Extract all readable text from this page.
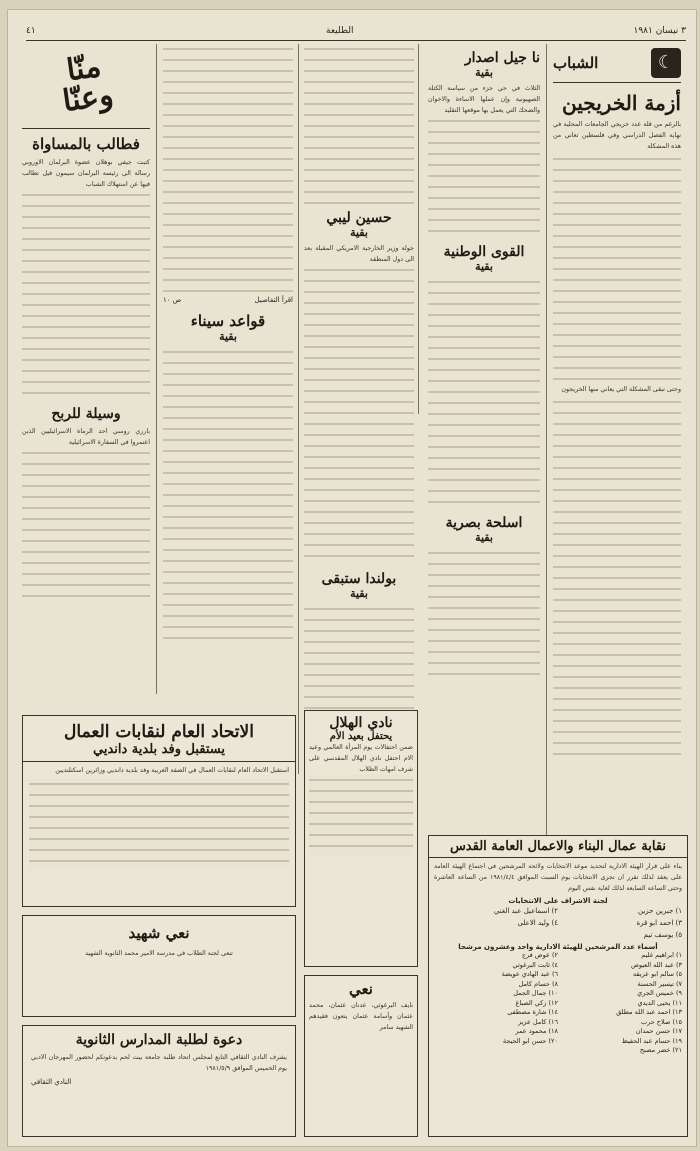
٣ نيسان ١٩٨١
الطليعة
٤١
☾
الشباب
أزمة الخريجين
بالرغم من قلة عدد خريجي الجامعات المحلية في نهاية الفصل الدراسي وفي فلسطين تعاني من هذه المشكلة
وحتى تبقى المشكلة التي يعاني منها الخريجون
نا جيل اصدار
بقية
الثلاث في حي جزء من سياسة الكتلة الصهيونية وإن عملها الاساءة والاخوان والضحك التي يعمل بها موقعها التقليد
القوى الوطنية
بقية
اسلحة بصرية
بقية
حسين ليبي
بقية
جولة وزير الخارجية الامريكي المقبلة بعد الى دول المنطقة
بولندا ستبقى
بقية
اقرأ التفاصيل
ص ١٠
قواعد سيناء
بقية
منّا
وعنّا
فطالب بالمساواة
كتبت جيفي بوهلان عضوة البرلمان الاوروبي رسالة الى رئيسة البرلمان سيمون فيل تطالب فيها عن استهلاك الشباب
وسيلة للربح
بارري روسي احد الرماة الاسرائيليين الذين اعتمروا في السفارة الاسرائيلية
نادي الهلال
يحتفل بعيد الأم
ضمن احتفالات يوم المرأة العالمي وعيد الام احتفل نادي الهلال المقدسي على شرف امهات الطلاب
نعي
نايف البرغوثي، عدنان عثمان، محمد عثمان وأسامة عثمان ينعون فقيدهم الشهيد سامر
نقابة عمال البناء والاعمال العامة القدس
بناء على قرار الهيئة الادارية لتحديد موعد الانتخابات ولائحة المرشحين في اجتماع الهيئة العامة على يعقد لذلك تقرر ان تجرى الانتخابات يوم السبت الموافق ١٩٨١/٤/٤ من الساعة العاشرة وحتى الساعة السابعة لذلك لغاية نفس اليوم
لجنة الاشراف على الانتخابات
١) جبرين حزين
٢) اسماعيل عبد الغني
٣) احمد ابو قرة
٤) وليد الاعلى
٥) يوسف تيم
أسماء عدد المرشحين للهيئة الادارية واحد وعشرون مرشحا
١) ابراهيم غليم
٢) عوض فرج
٣) عبد الله العيوص
٤) ثابت البرغوثي
٥) سالم ابو عريقه
٦) عبد الهادي عويضة
٧) تيسير الحسنة
٨) حسام كامل
٩) خميس الجري
١٠) جمال الجمل
١١) يحيى الديدي
١٢) زكي الصباغ
١٣) احمد عبد الله مطلق
١٤) شارة مصطفى
١٥) صلاح حرب
١٦) كامل عزيز
١٧) حسن حمدان
١٨) محمود عمر
١٩) حسام عبد الحفيظ
٢٠) حسن ابو الحيجة
٢١) خضر مصبح
الاتحاد العام لنقابات العمال
يستقبل وفد بلدية دانديي
استقبل الاتحاد العام لنقابات العمال في الضفة الغربية وفد بلدية دانديي وزائرين اسكتلنديين
نعي شهيد
تنعى لجنة الطلاب في مدرسة الامير محمد الثانوية الشهيد
دعوة لطلبة المدارس الثانوية
يشرف النادي الثقافي التابع لمجلس اتحاد طلبة جامعة بيت لحم بدعوتكم لحضور المهرجان الادبي يوم الخميس الموافق ١٩٨١/٥/٩
النادي الثقافي
